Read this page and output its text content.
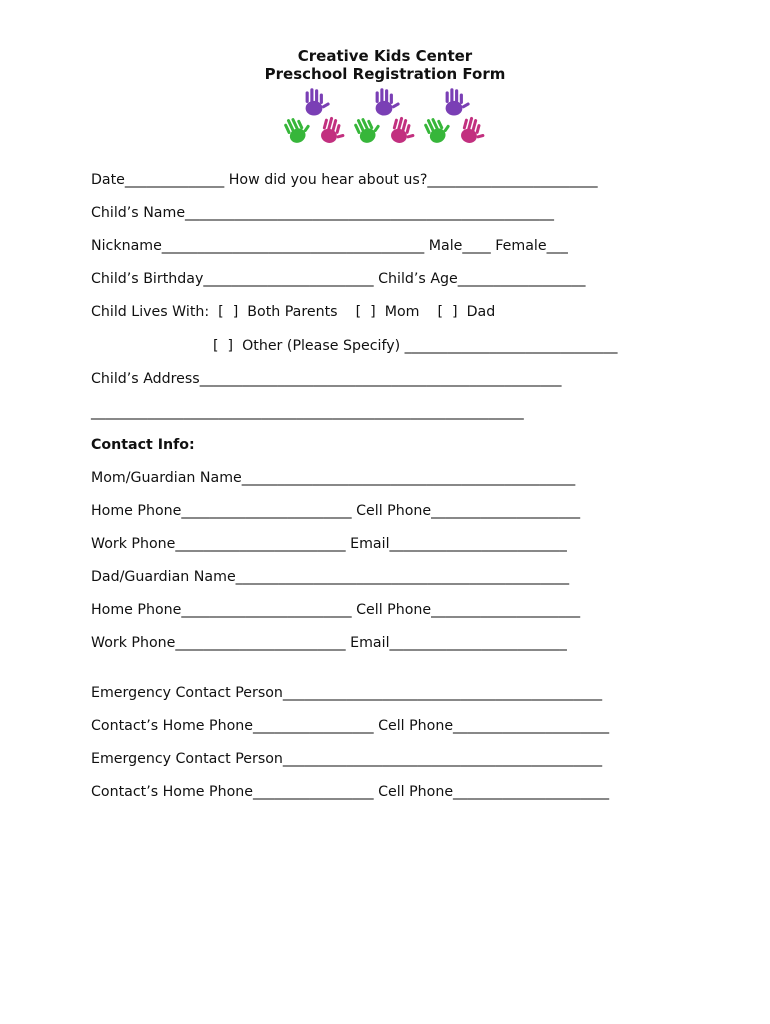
Creative Kids Center
Preschool Registration Form
Date______________ How did you hear about us?________________________
Child’s Name____________________________________________________
Nickname_____________________________________ Male____ Female___
Child’s Birthday________________________ Child’s Age__________________
Child Lives With:  [  ]  Both Parents    [  ]  Mom    [  ]  Dad
[  ]  Other (Please Specify) ______________________________
Child’s Address___________________________________________________
_____________________________________________________________
Contact Info:
Mom/Guardian Name_______________________________________________
Home Phone________________________ Cell Phone_____________________
Work Phone________________________ Email_________________________
Dad/Guardian Name_______________________________________________
Home Phone________________________ Cell Phone_____________________
Work Phone________________________ Email_________________________
Emergency Contact Person_____________________________________________
Contact’s Home Phone_________________ Cell Phone______________________
Emergency Contact Person_____________________________________________
Contact’s Home Phone_________________ Cell Phone______________________
